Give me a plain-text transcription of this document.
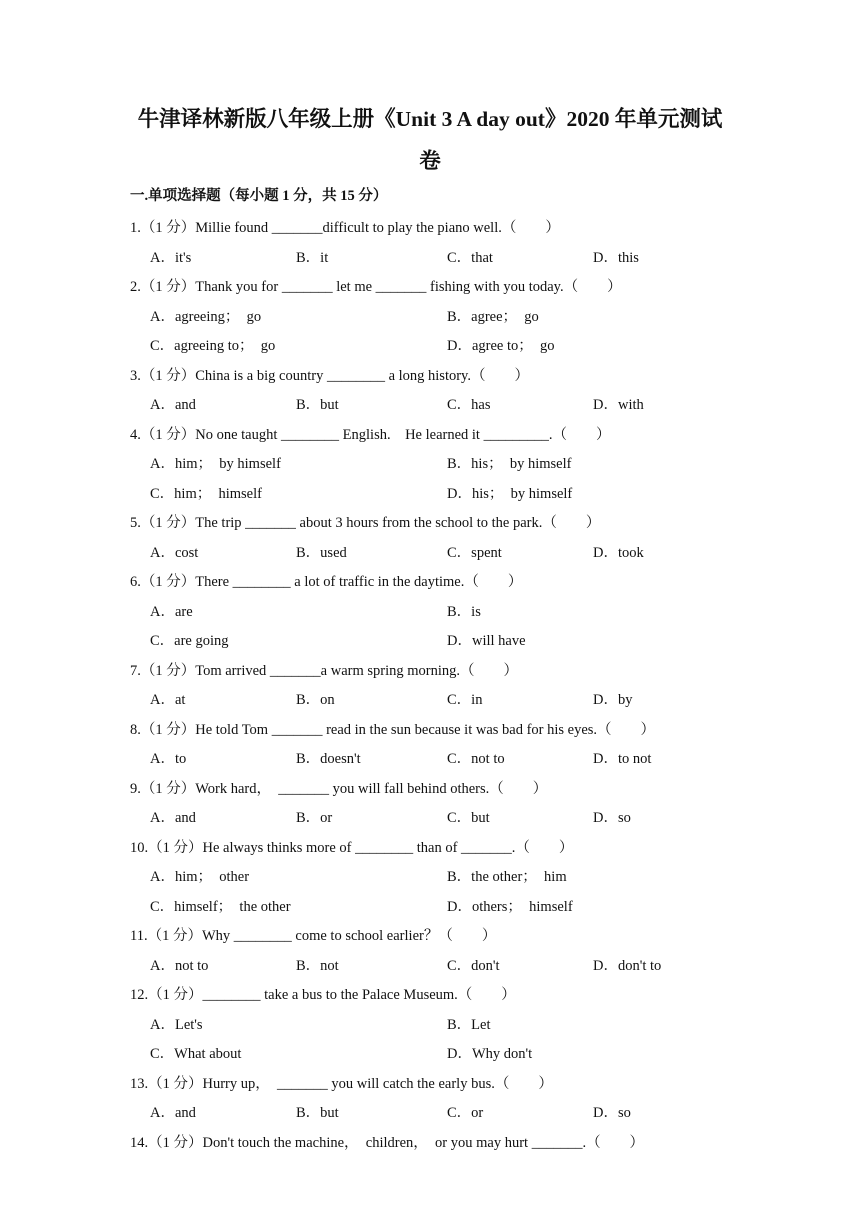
牛津译林新版八年级上册《Unit 3 A day out》2020 年单元测试
卷
一.单项选择题（每小题 1 分，共 15 分）
1.（1 分）Millie found _______difficult to play the piano well.（　　）
A．it's	B．it	C．that	D．this
2.（1 分）Thank you for _______ let me _______ fishing with you today.（　　）
A．agreeing；　go	B．agree；　go
C．agreeing to；　go	D．agree to；　go
3.（1 分）China is a big country ________ a long history.（　　）
A．and	B．but	C．has	D．with
4.（1 分）No one taught ________ English.　He learned it _________.（　　）
A．him；　by himself	B．his；　by himself
C．him；　himself	D．his；　by himself
5.（1 分）The trip _______ about 3 hours from the school to the park.（　　）
A．cost	B．used	C．spent	D．took
6.（1 分）There ________ a lot of traffic in the daytime.（　　）
A．are	B．is
C．are going	D．will have
7.（1 分）Tom arrived _______a warm spring morning.（　　）
A．at	B．on	C．in	D．by
8.（1 分）He told Tom _______ read in the sun because it was bad for his eyes.（　　）
A．to	B．doesn't	C．not to	D．to not
9.（1 分）Work hard，　_______ you will fall behind others.（　　）
A．and	B．or	C．but	D．so
10.（1 分）He always thinks more of ________ than of _______.（　　）
A．him；　other	B．the other；　him
C．himself；　the other	D．others；　himself
11.（1 分）Why ________ come to school earlier？（　　）
A．not to	B．not	C．don't	D．don't to
12.（1 分）________ take a bus to the Palace Museum.（　　）
A．Let's	B．Let
C．What about	D．Why don't
13.（1 分）Hurry up，　_______ you will catch the early bus.（　　）
A．and	B．but	C．or	D．so
14.（1 分）Don't touch the machine，　children，　or you may hurt _______.（　　）
